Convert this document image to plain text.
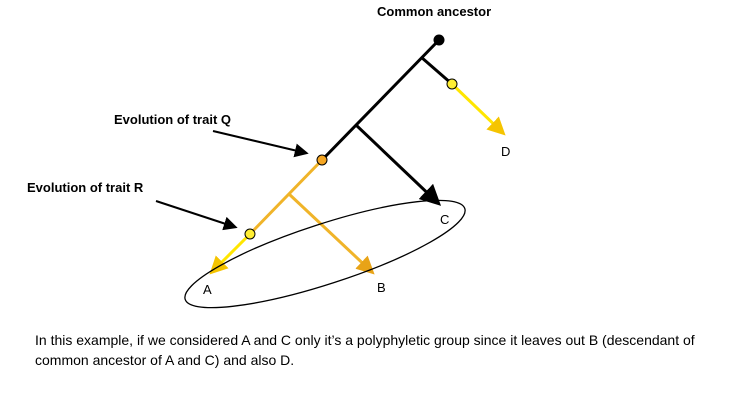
Common ancestor
Evolution of trait Q
Evolution of trait R
D
C
A	B

In this example, if we considered A and C only it’s a polyphyletic group since it leaves out B (descendant of common ancestor of A and C) and also D.
